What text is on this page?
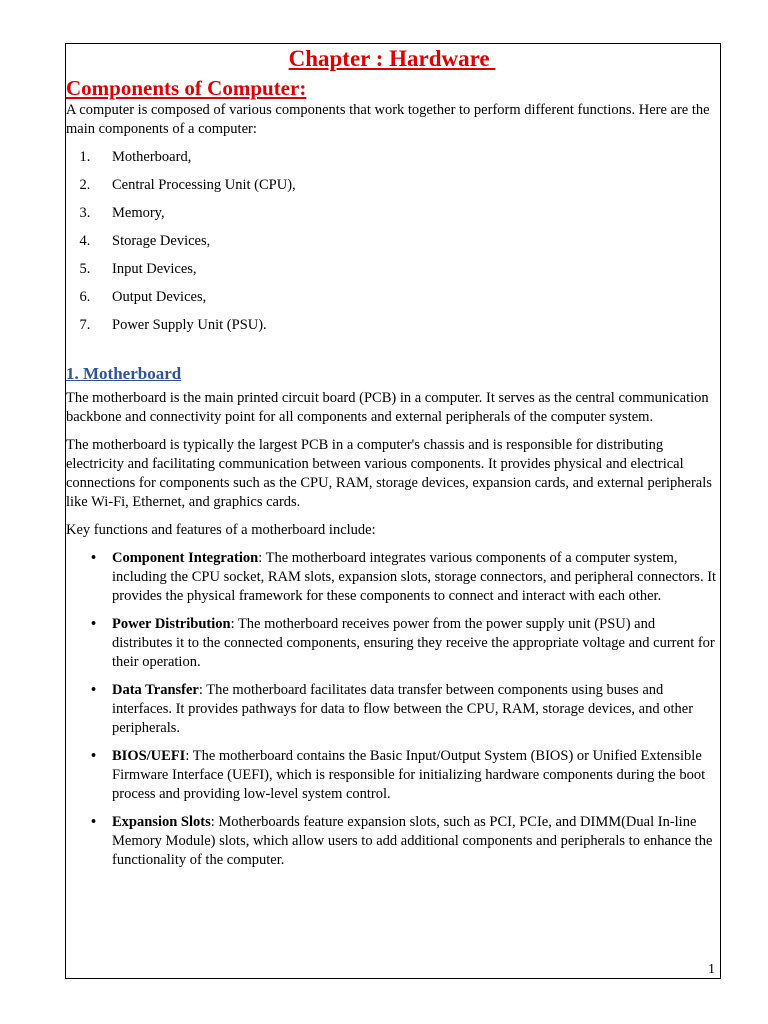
Chapter : Hardware
Components of Computer:

A computer is composed of various components that work together to perform different functions. Here are the main components of a computer:

1. Motherboard,
2. Central Processing Unit (CPU),
3. Memory,
4. Storage Devices,
5. Input Devices,
6. Output Devices,
7. Power Supply Unit (PSU).
1. Motherboard

The motherboard is the main printed circuit board (PCB) in a computer. It serves as the central communication backbone and connectivity point for all components and external peripherals of the computer system.

The motherboard is typically the largest PCB in a computer's chassis and is responsible for distributing electricity and facilitating communication between various components. It provides physical and electrical connections for components such as the CPU, RAM, storage devices, expansion cards, and external peripherals like Wi-Fi, Ethernet, and graphics cards.

Key functions and features of a motherboard include:

• Component Integration: The motherboard integrates various components of a computer system, including the CPU socket, RAM slots, expansion slots, storage connectors, and peripheral connectors. It provides the physical framework for these components to connect and interact with each other.
• Power Distribution: The motherboard receives power from the power supply unit (PSU) and distributes it to the connected components, ensuring they receive the appropriate voltage and current for their operation.
• Data Transfer: The motherboard facilitates data transfer between components using buses and interfaces. It provides pathways for data to flow between the CPU, RAM, storage devices, and other peripherals.
• BIOS/UEFI: The motherboard contains the Basic Input/Output System (BIOS) or Unified Extensible Firmware Interface (UEFI), which is responsible for initializing hardware components during the boot process and providing low-level system control.
• Expansion Slots: Motherboards feature expansion slots, such as PCI, PCIe, and DIMM(Dual In-line Memory Module) slots, which allow users to add additional components and peripherals to enhance the functionality of the computer.
1
